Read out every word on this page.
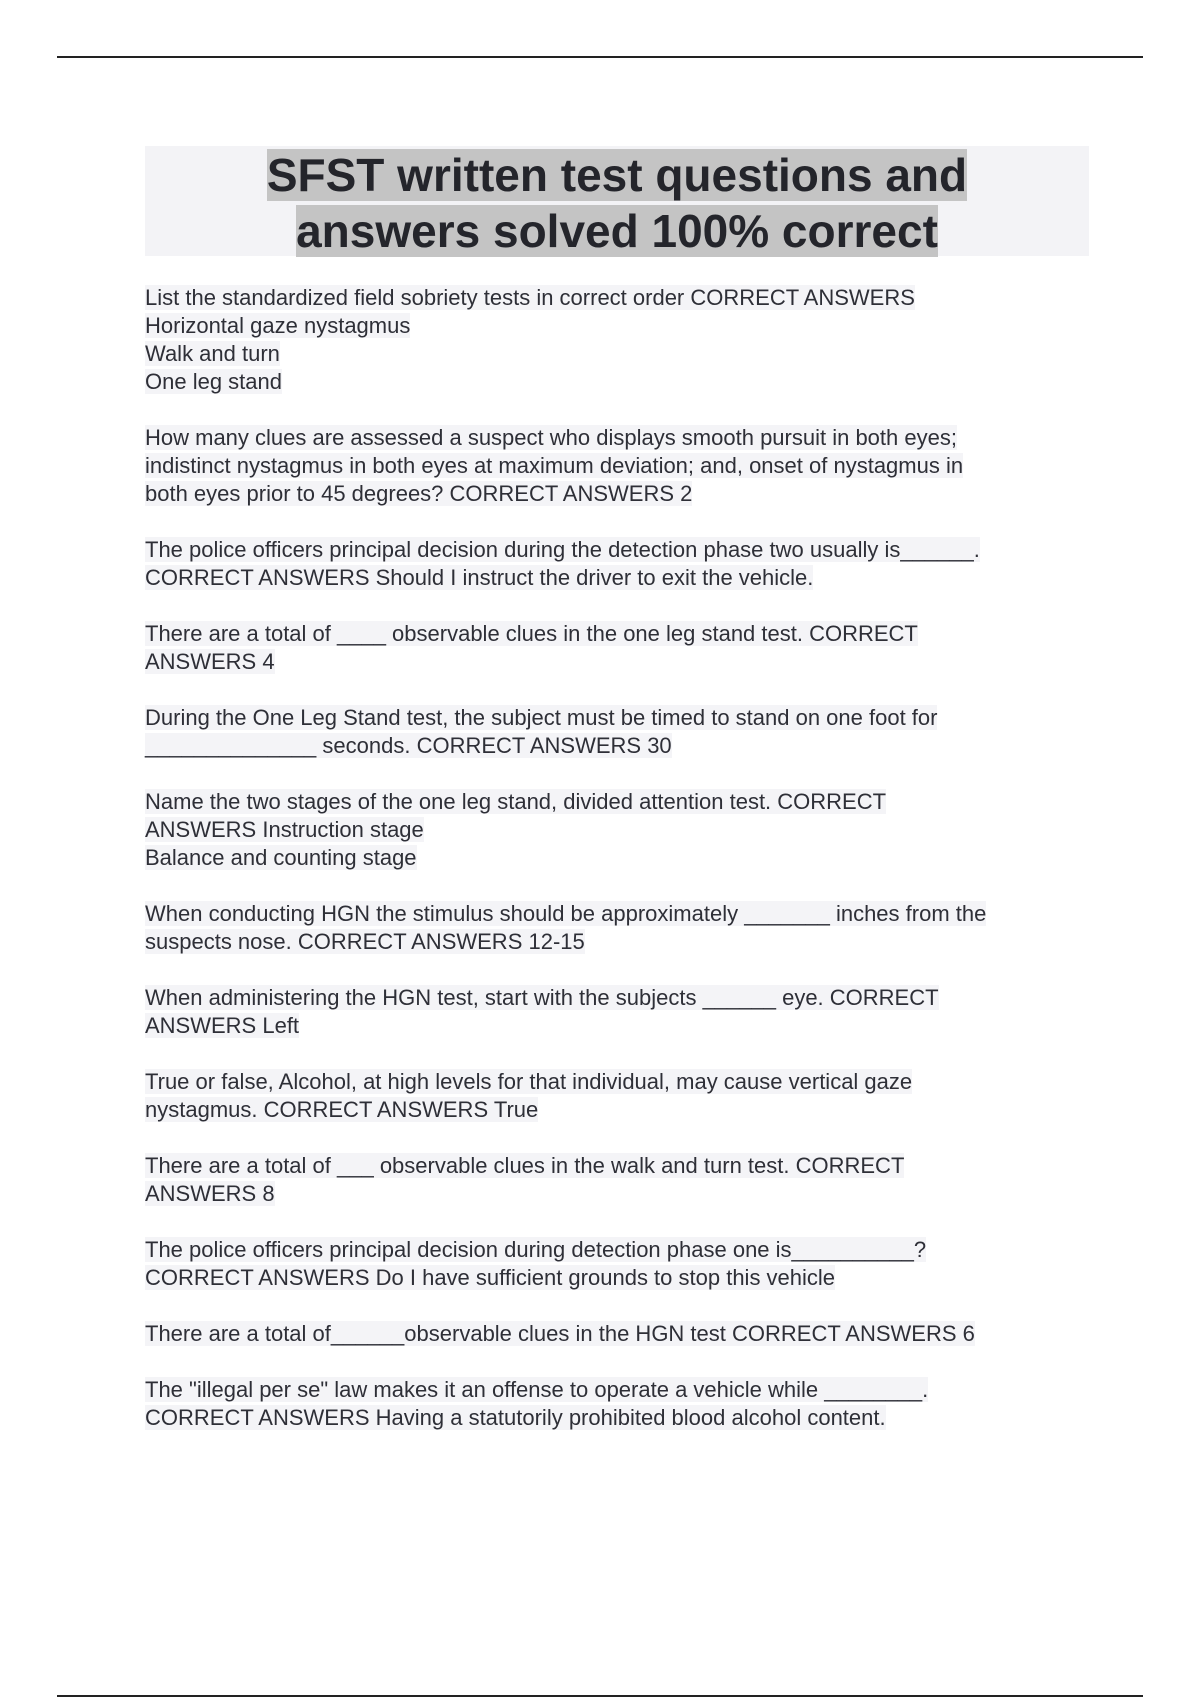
SFST written test questions and
answers solved 100% correct

List the standardized field sobriety tests in correct order CORRECT ANSWERS
Horizontal gaze nystagmus
Walk and turn
One leg stand

How many clues are assessed a suspect who displays smooth pursuit in both eyes;
indistinct nystagmus in both eyes at maximum deviation; and, onset of nystagmus in
both eyes prior to 45 degrees? CORRECT ANSWERS 2

The police officers principal decision during the detection phase two usually is______.
CORRECT ANSWERS Should I instruct the driver to exit the vehicle.

There are a total of ____ observable clues in the one leg stand test. CORRECT
ANSWERS 4

During the One Leg Stand test, the subject must be timed to stand on one foot for
______________ seconds. CORRECT ANSWERS 30

Name the two stages of the one leg stand, divided attention test. CORRECT
ANSWERS Instruction stage
Balance and counting stage

When conducting HGN the stimulus should be approximately _______ inches from the
suspects nose. CORRECT ANSWERS 12-15

When administering the HGN test, start with the subjects ______ eye. CORRECT
ANSWERS Left

True or false, Alcohol, at high levels for that individual, may cause vertical gaze
nystagmus. CORRECT ANSWERS True

There are a total of ___ observable clues in the walk and turn test. CORRECT
ANSWERS 8

The police officers principal decision during detection phase one is__________?
CORRECT ANSWERS Do I have sufficient grounds to stop this vehicle

There are a total of______observable clues in the HGN test CORRECT ANSWERS 6

The "illegal per se" law makes it an offense to operate a vehicle while ________.
CORRECT ANSWERS Having a statutorily prohibited blood alcohol content.
